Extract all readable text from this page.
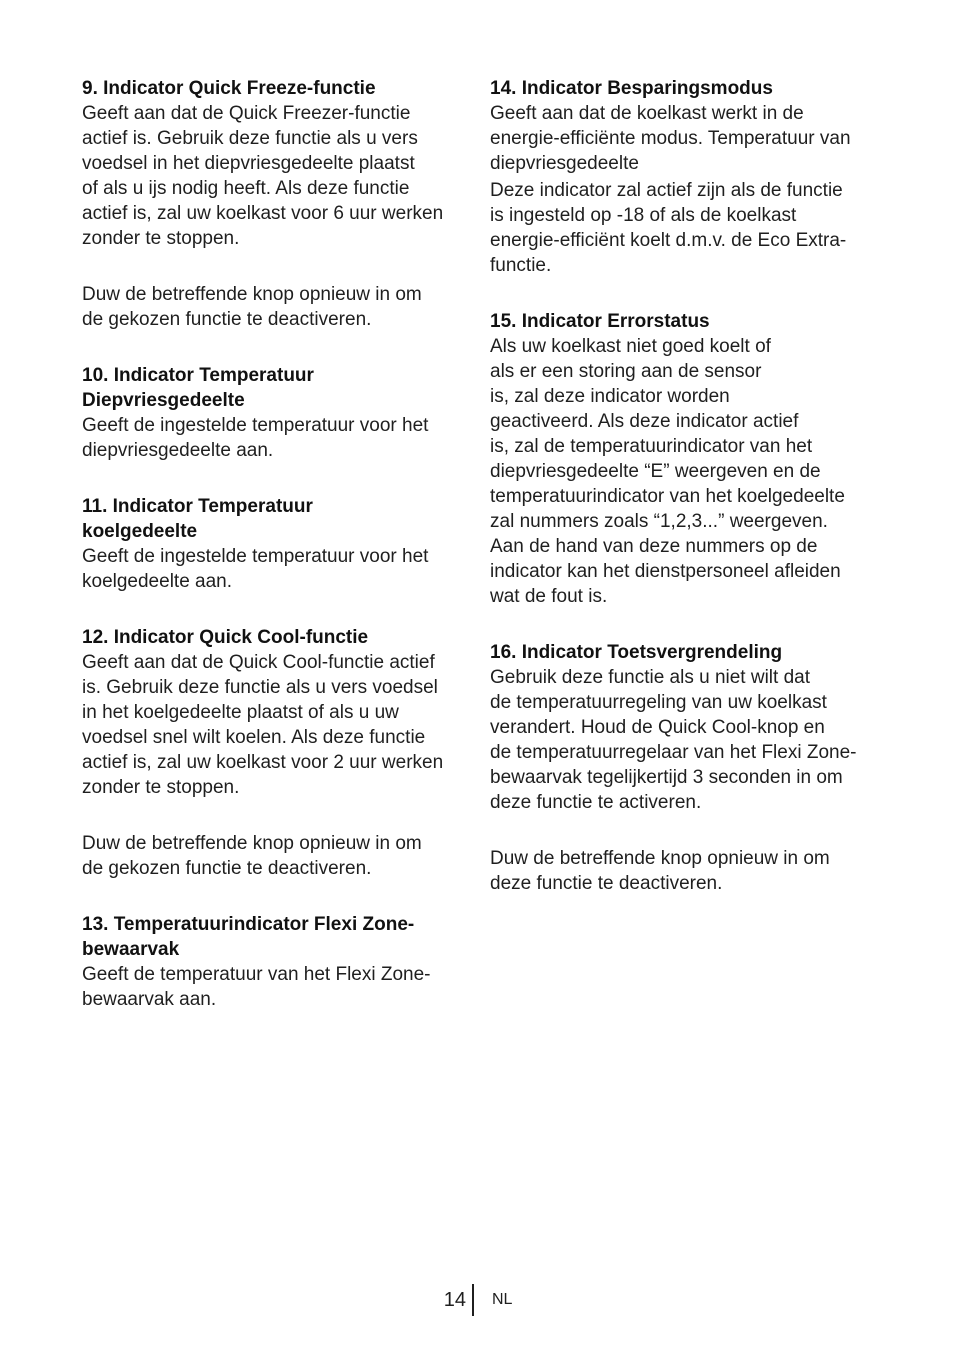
9. Indicator Quick Freeze-functie

Geeft aan dat de Quick Freezer-functie
actief is. Gebruik deze functie als u vers
voedsel in het diepvriesgedeelte plaatst
of als u ijs nodig heeft. Als deze functie
actief is, zal uw koelkast voor 6 uur werken
zonder te stoppen.

Duw de betreffende knop opnieuw in om
de gekozen functie te deactiveren.

10. Indicator Temperatuur
Diepvriesgedeelte

Geeft de ingestelde temperatuur voor het
diepvriesgedeelte aan.

11. Indicator Temperatuur
koelgedeelte

Geeft de ingestelde temperatuur voor het
koelgedeelte aan.

12. Indicator Quick Cool-functie

Geeft aan dat de Quick Cool-functie actief
is. Gebruik deze functie als u vers voedsel
in het koelgedeelte plaatst of als u uw
voedsel snel wilt koelen. Als deze functie
actief is, zal uw koelkast voor 2 uur werken
zonder te stoppen.

Duw de betreffende knop opnieuw in om
de gekozen functie te deactiveren.

13. Temperatuurindicator Flexi Zone-
bewaarvak

Geeft de temperatuur van het Flexi Zone-
bewaarvak aan.

14. Indicator Besparingsmodus

Geeft aan dat de koelkast werkt in de
energie-efficiënte modus. Temperatuur van
diepvriesgedeelte

Deze indicator zal actief zijn als de functie
is ingesteld op -18 of als de koelkast
energie-efficiënt koelt d.m.v. de Eco Extra-
functie.

15. Indicator Errorstatus

Als uw koelkast niet goed koelt of
als er een storing aan de sensor
is, zal deze indicator worden
geactiveerd. Als deze indicator actief
is, zal de temperatuurindicator van het
diepvriesgedeelte “E” weergeven en de
temperatuurindicator van het koelgedeelte
zal nummers zoals “1,2,3...” weergeven.
Aan de hand van deze nummers op de
indicator kan het dienstpersoneel afleiden
wat de fout is.

16. Indicator Toetsvergrendeling

Gebruik deze functie als u niet wilt dat
de temperatuurregeling van uw koelkast
verandert. Houd de Quick Cool-knop en
de temperatuurregelaar van het Flexi Zone-
bewaarvak tegelijkertijd 3 seconden in om
deze functie te activeren.

Duw de betreffende knop opnieuw in om
deze functie te deactiveren.

14 NL
